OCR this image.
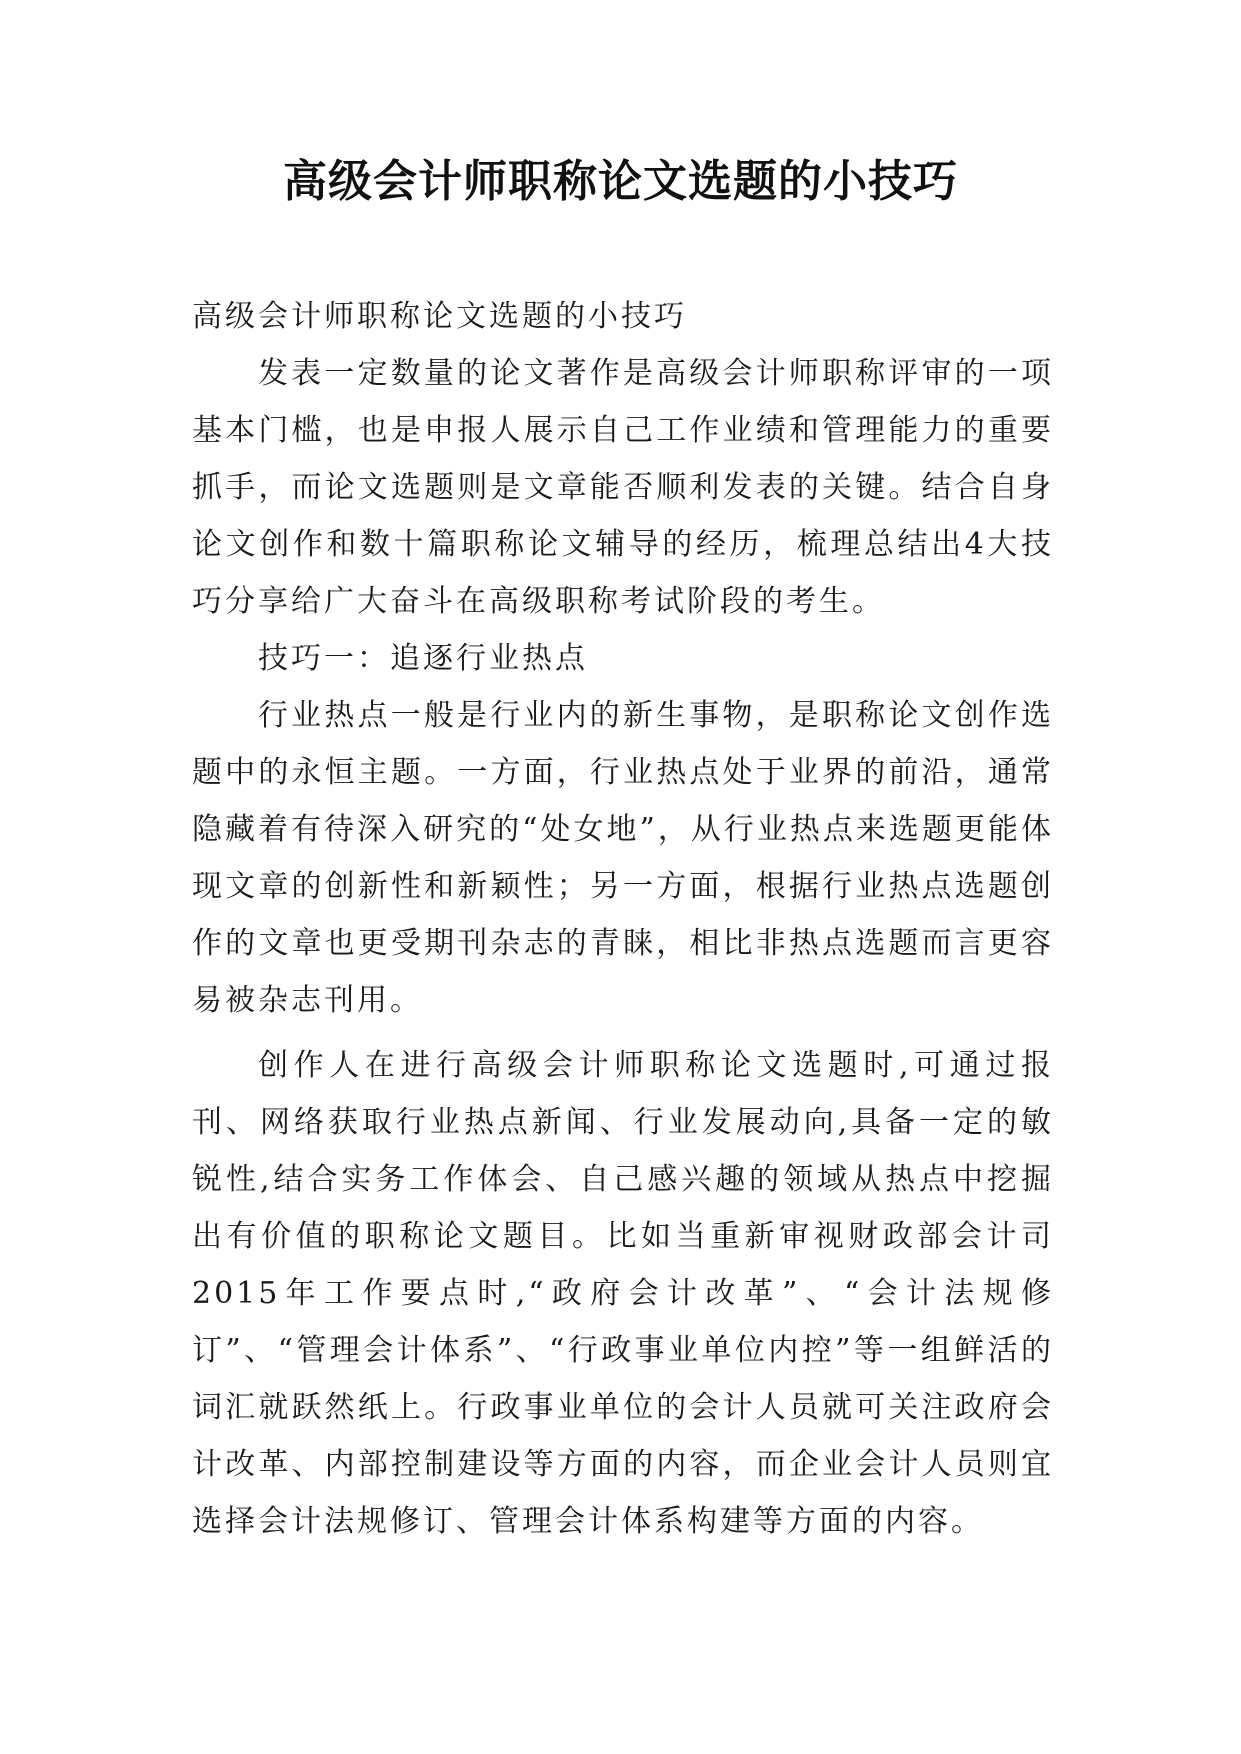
高级会计师职称论文选题的小技巧

高级会计师职称论文选题的小技巧

发表一定数量的论文著作是高级会计师职称评审的一项基本门槛，也是申报人展示自己工作业绩和管理能力的重要抓手，而论文选题则是文章能否顺利发表的关键。结合自身论文创作和数十篇职称论文辅导的经历，梳理总结出4大技巧分享给广大奋斗在高级职称考试阶段的考生。

技巧一：追逐行业热点

行业热点一般是行业内的新生事物，是职称论文创作选题中的永恒主题。一方面，行业热点处于业界的前沿，通常隐藏着有待深入研究的“处女地”，从行业热点来选题更能体现文章的创新性和新颖性；另一方面，根据行业热点选题创作的文章也更受期刊杂志的青睐，相比非热点选题而言更容易被杂志刊用。

创作人在进行高级会计师职称论文选题时,可通过报刊、网络获取行业热点新闻、行业发展动向,具备一定的敏锐性,结合实务工作体会、自己感兴趣的领域从热点中挖掘出有价值的职称论文题目。比如当重新审视财政部会计司2015年工作要点时,“政府会计改革”、“会计法规修订”、“管理会计体系”、“行政事业单位内控”等一组鲜活的词汇就跃然纸上。行政事业单位的会计人员就可关注政府会计改革、内部控制建设等方面的内容，而企业会计人员则宜选择会计法规修订、管理会计体系构建等方面的内容。
